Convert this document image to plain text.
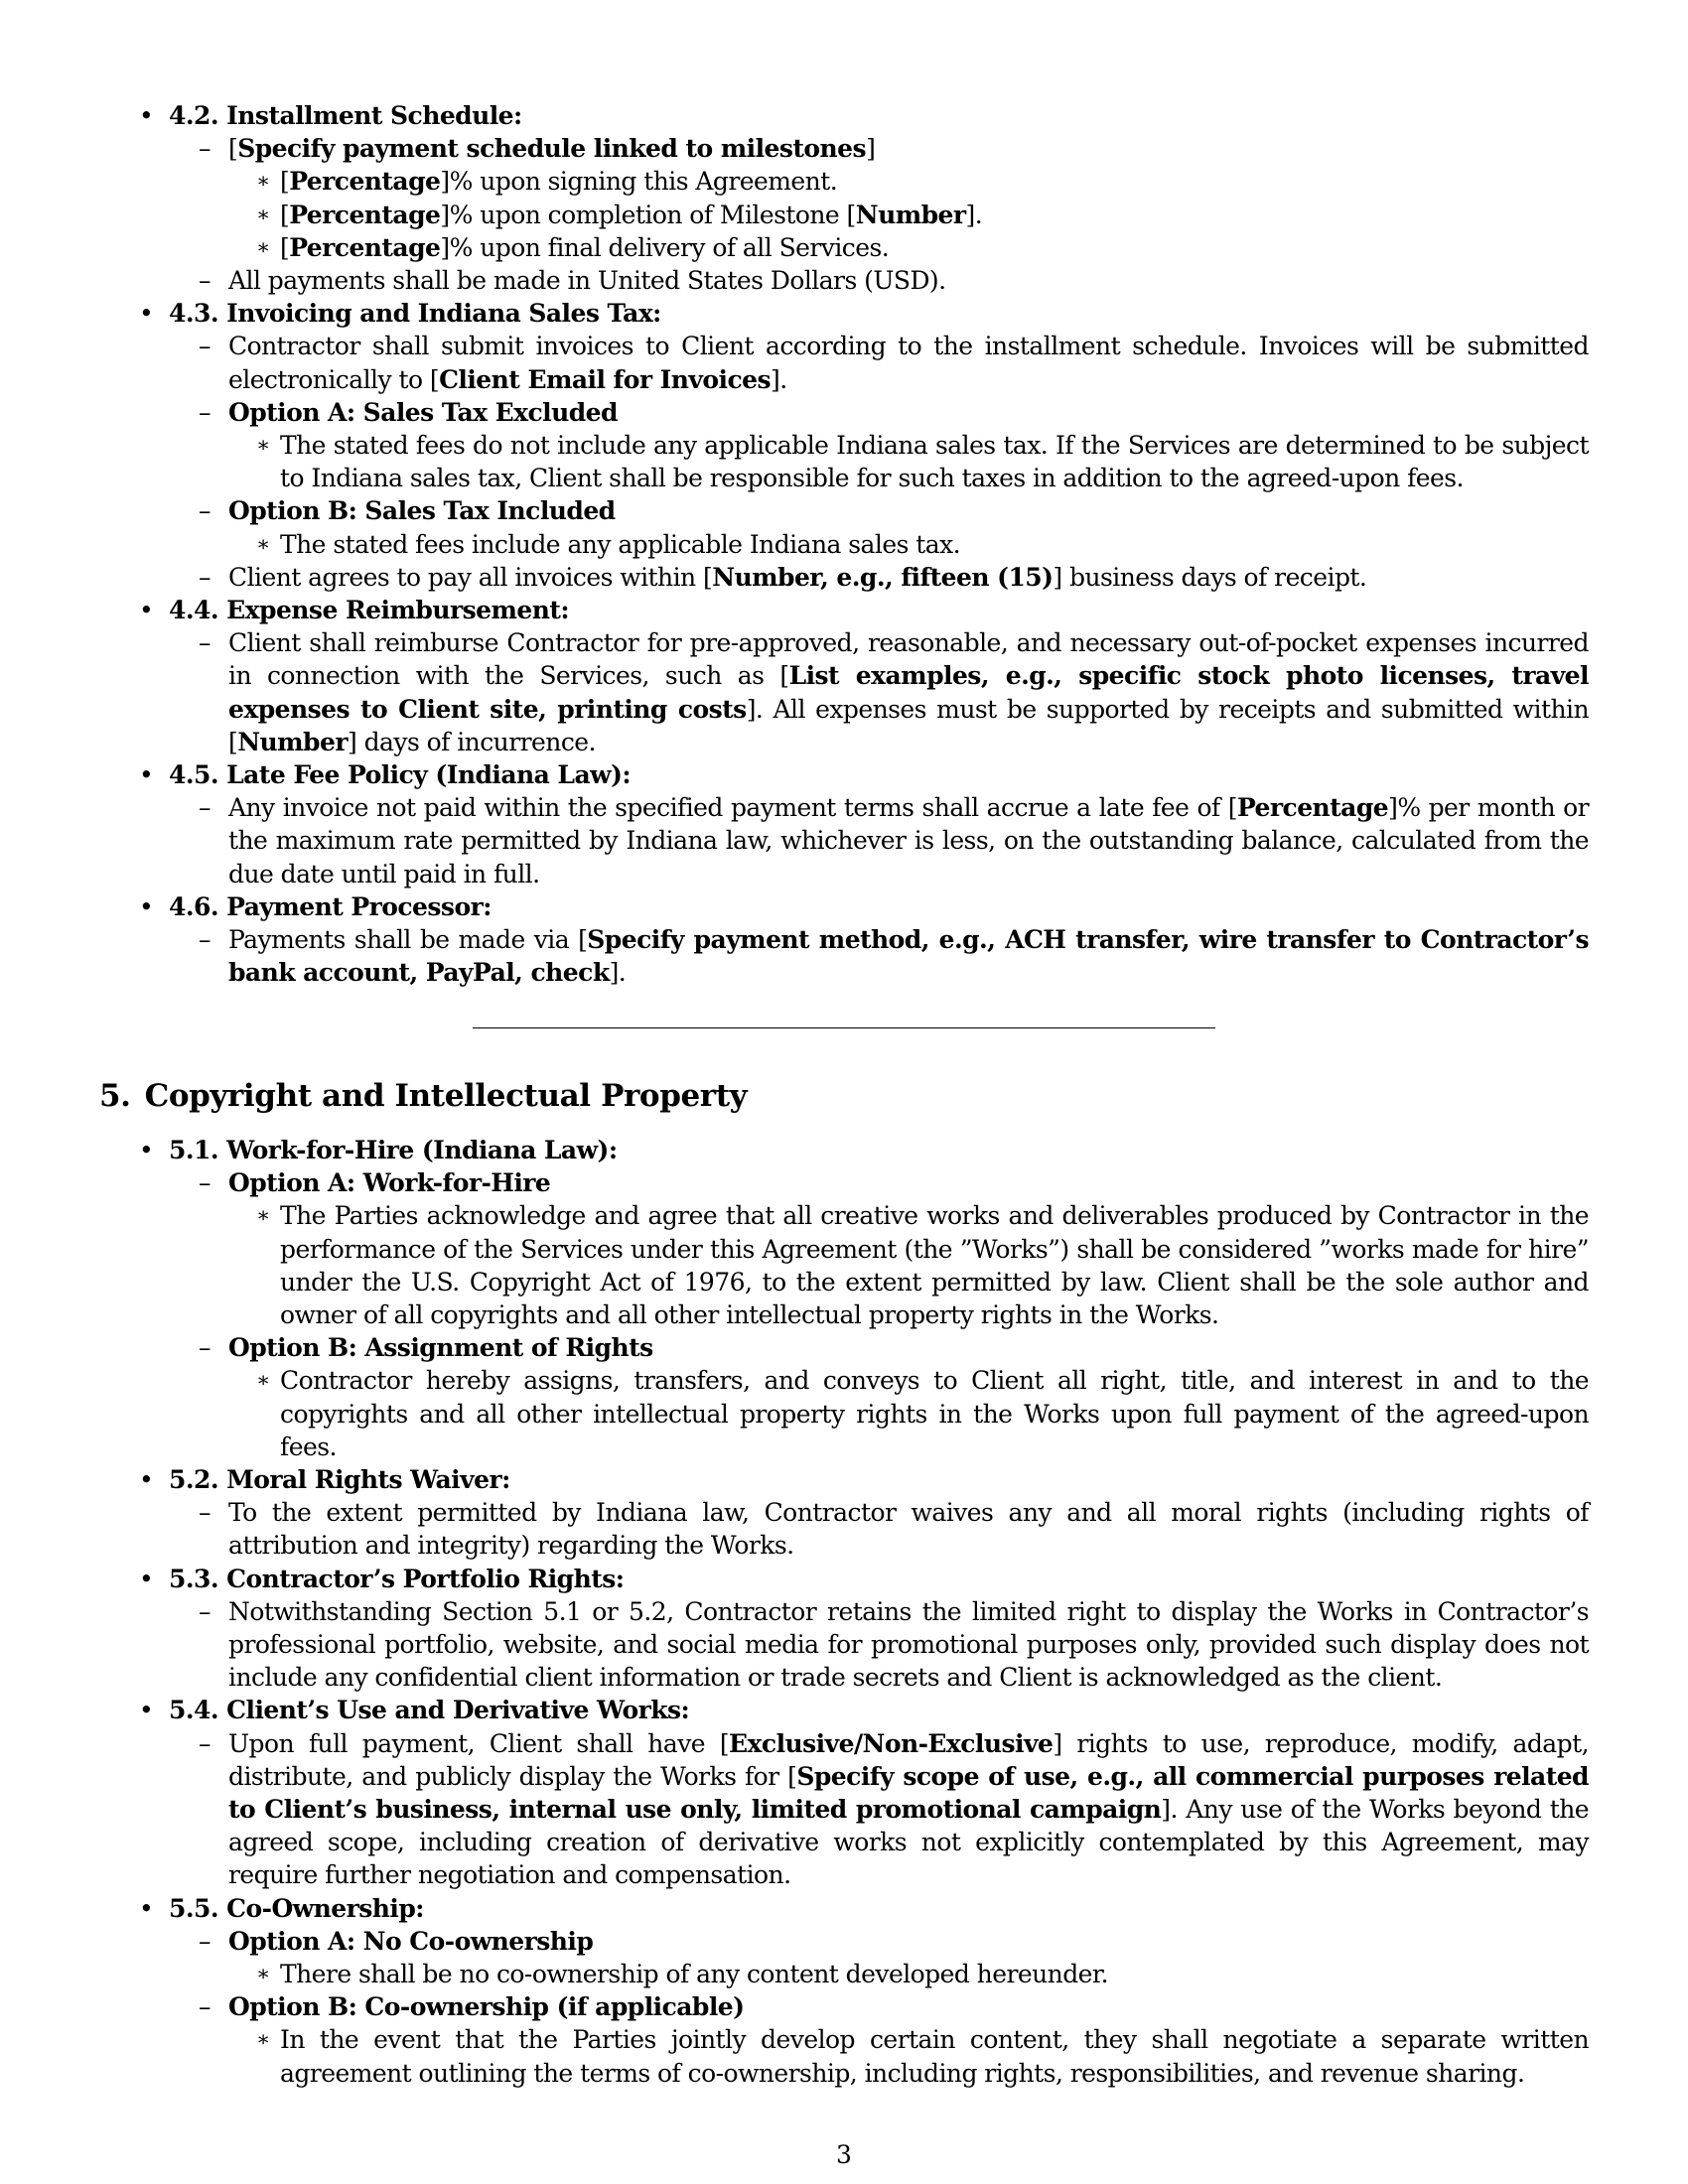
• 4.2. Installment Schedule:
– [Specify payment schedule linked to milestones]
∗ [Percentage]% upon signing this Agreement.
∗ [Percentage]% upon completion of Milestone [Number].
∗ [Percentage]% upon final delivery of all Services.
– All payments shall be made in United States Dollars (USD).
• 4.3. Invoicing and Indiana Sales Tax:
– Contractor shall submit invoices to Client according to the installment schedule. Invoices will be submitted electronically to [Client Email for Invoices].
– Option A: Sales Tax Excluded
∗ The stated fees do not include any applicable Indiana sales tax. If the Services are determined to be subject to Indiana sales tax, Client shall be responsible for such taxes in addition to the agreed-upon fees.
– Option B: Sales Tax Included
∗ The stated fees include any applicable Indiana sales tax.
– Client agrees to pay all invoices within [Number, e.g., fifteen (15)] business days of receipt.
• 4.4. Expense Reimbursement:
– Client shall reimburse Contractor for pre-approved, reasonable, and necessary out-of-pocket expenses incurred in connection with the Services, such as [List examples, e.g., specific stock photo licenses, travel expenses to Client site, printing costs]. All expenses must be supported by receipts and submitted within [Number] days of incurrence.
• 4.5. Late Fee Policy (Indiana Law):
– Any invoice not paid within the specified payment terms shall accrue a late fee of [Percentage]% per month or the maximum rate permitted by Indiana law, whichever is less, on the outstanding balance, calculated from the due date until paid in full.
• 4.6. Payment Processor:
– Payments shall be made via [Specify payment method, e.g., ACH transfer, wire transfer to Contractor’s bank account, PayPal, check].
5. Copyright and Intellectual Property
• 5.1. Work-for-Hire (Indiana Law):
– Option A: Work-for-Hire
∗ The Parties acknowledge and agree that all creative works and deliverables produced by Contractor in the performance of the Services under this Agreement (the ”Works”) shall be considered ”works made for hire” under the U.S. Copyright Act of 1976, to the extent permitted by law. Client shall be the sole author and owner of all copyrights and all other intellectual property rights in the Works.
– Option B: Assignment of Rights
∗ Contractor hereby assigns, transfers, and conveys to Client all right, title, and interest in and to the copyrights and all other intellectual property rights in the Works upon full payment of the agreed-upon fees.
• 5.2. Moral Rights Waiver:
– To the extent permitted by Indiana law, Contractor waives any and all moral rights (including rights of attribution and integrity) regarding the Works.
• 5.3. Contractor’s Portfolio Rights:
– Notwithstanding Section 5.1 or 5.2, Contractor retains the limited right to display the Works in Contractor’s professional portfolio, website, and social media for promotional purposes only, provided such display does not include any confidential client information or trade secrets and Client is acknowledged as the client.
• 5.4. Client’s Use and Derivative Works:
– Upon full payment, Client shall have [Exclusive/Non-Exclusive] rights to use, reproduce, modify, adapt, distribute, and publicly display the Works for [Specify scope of use, e.g., all commercial purposes related to Client’s business, internal use only, limited promotional campaign]. Any use of the Works beyond the agreed scope, including creation of derivative works not explicitly contemplated by this Agreement, may require further negotiation and compensation.
• 5.5. Co-Ownership:
– Option A: No Co-ownership
∗ There shall be no co-ownership of any content developed hereunder.
– Option B: Co-ownership (if applicable)
∗ In the event that the Parties jointly develop certain content, they shall negotiate a separate written agreement outlining the terms of co-ownership, including rights, responsibilities, and revenue sharing.
3
